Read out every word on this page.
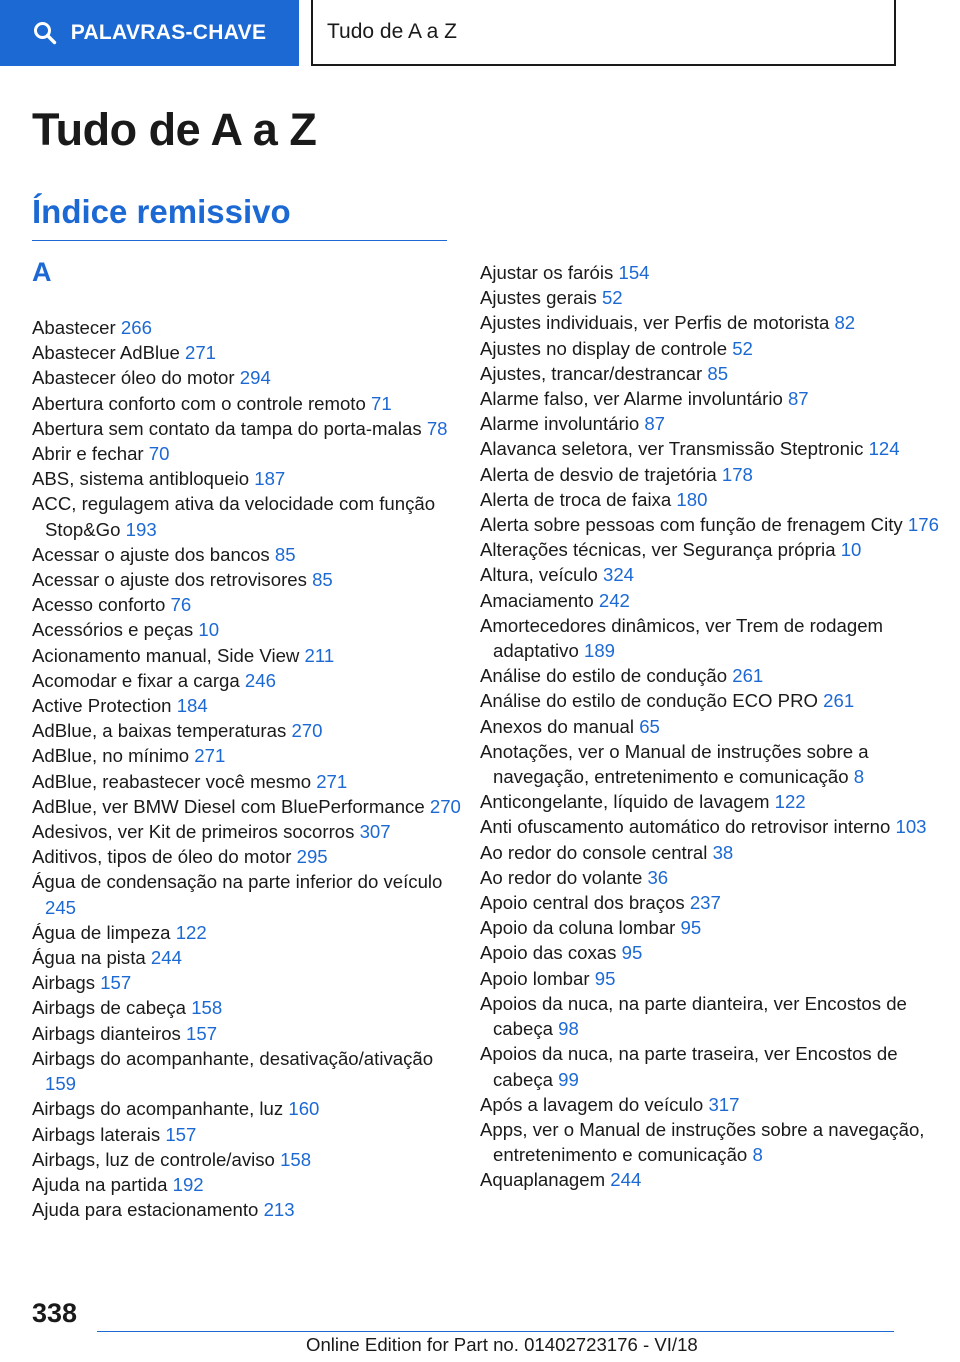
PALAVRAS-CHAVE	Tudo de A a Z
Tudo de A a Z
Índice remissivo
A
Abastecer 266
Abastecer AdBlue 271
Abastecer óleo do motor 294
Abertura conforto com o controle remoto 71
Abertura sem contato da tampa do porta-malas 78
Abrir e fechar 70
ABS, sistema antibloqueio 187
ACC, regulagem ativa da velocidade com função Stop&Go 193
Acessar o ajuste dos bancos 85
Acessar o ajuste dos retrovisores 85
Acesso conforto 76
Acessórios e peças 10
Acionamento manual, Side View 211
Acomodar e fixar a carga 246
Active Protection 184
AdBlue, a baixas temperaturas 270
AdBlue, no mínimo 271
AdBlue, reabastecer você mesmo 271
AdBlue, ver BMW Diesel com BluePerformance 270
Adesivos, ver Kit de primeiros socorros 307
Aditivos, tipos de óleo do motor 295
Água de condensação na parte inferior do veículo 245
Água de limpeza 122
Água na pista 244
Airbags 157
Airbags de cabeça 158
Airbags dianteiros 157
Airbags do acompanhante, desativação/ativação 159
Airbags do acompanhante, luz 160
Airbags laterais 157
Airbags, luz de controle/aviso 158
Ajuda na partida 192
Ajuda para estacionamento 213
Ajustar os faróis 154
Ajustes gerais 52
Ajustes individuais, ver Perfis de motorista 82
Ajustes no display de controle 52
Ajustes, trancar/destrancar 85
Alarme falso, ver Alarme involuntário 87
Alarme involuntário 87
Alavanca seletora, ver Transmissão Steptronic 124
Alerta de desvio de trajetória 178
Alerta de troca de faixa 180
Alerta sobre pessoas com função de frenagem City 176
Alterações técnicas, ver Segurança própria 10
Altura, veículo 324
Amaciamento 242
Amortecedores dinâmicos, ver Trem de rodagem adaptativo 189
Análise do estilo de condução 261
Análise do estilo de condução ECO PRO 261
Anexos do manual 65
Anotações, ver o Manual de instruções sobre a navegação, entretenimento e comunicação 8
Anticongelante, líquido de lavagem 122
Anti ofuscamento automático do retrovisor interno 103
Ao redor do console central 38
Ao redor do volante 36
Apoio central dos braços 237
Apoio da coluna lombar 95
Apoio das coxas 95
Apoio lombar 95
Apoios da nuca, na parte dianteira, ver Encostos de cabeça 98
Apoios da nuca, na parte traseira, ver Encostos de cabeça 99
Após a lavagem do veículo 317
Apps, ver o Manual de instruções sobre a navegação, entretenimento e comunicação 8
Aquaplanagem 244
338
Online Edition for Part no. 01402723176 - VI/18
